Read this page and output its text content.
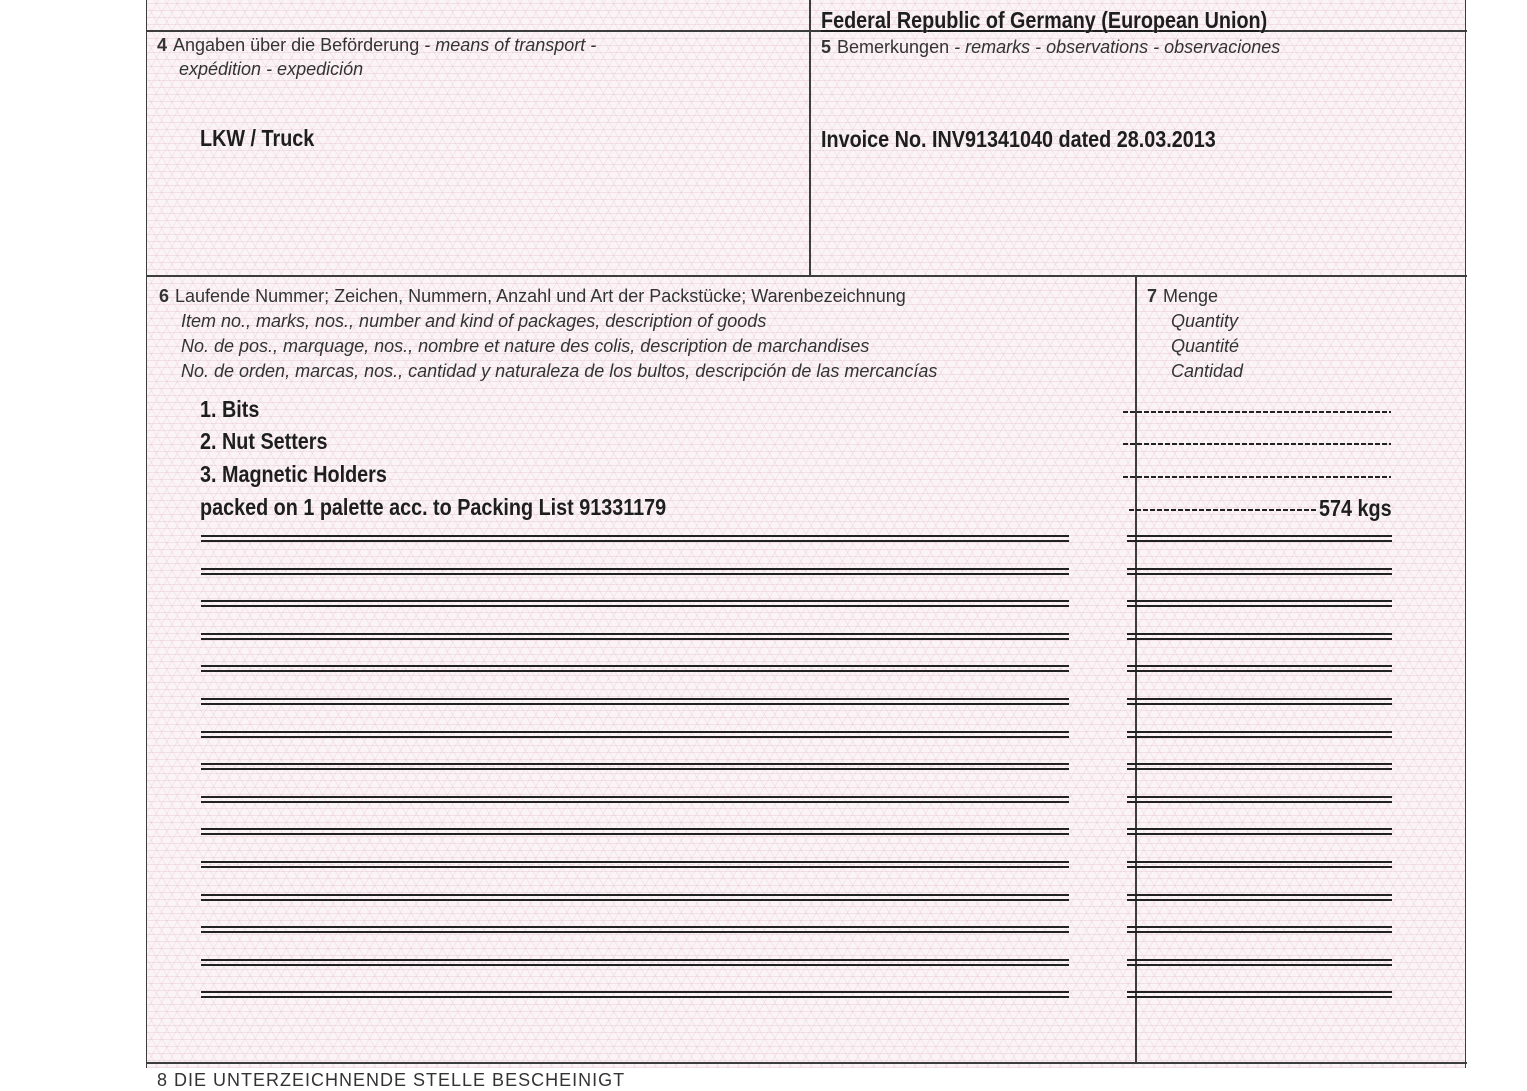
Federal Republic of Germany (European Union)
4 Angaben über die Beförderung - means of transport -
expédition - expedición
LKW / Truck
5 Bemerkungen - remarks - observations - observaciones
Invoice No. INV91341040 dated 28.03.2013
6 Laufende Nummer; Zeichen, Nummern, Anzahl und Art der Packstücke; Warenbezeichnung
Item no., marks, nos., number and kind of packages, description of goods
No. de pos., marquage, nos., nombre et nature des colis, description de marchandises
No. de orden, marcas, nos., cantidad y naturaleza de los bultos, descripción de las mercancías
1. Bits
2. Nut Setters
3. Magnetic Holders
packed on 1 palette acc. to Packing List 91331179
7 Menge
Quantity
Quantité
Cantidad
574 kgs
8 DIE UNTERZEICHNENDE STELLE BESCHEINIGT
